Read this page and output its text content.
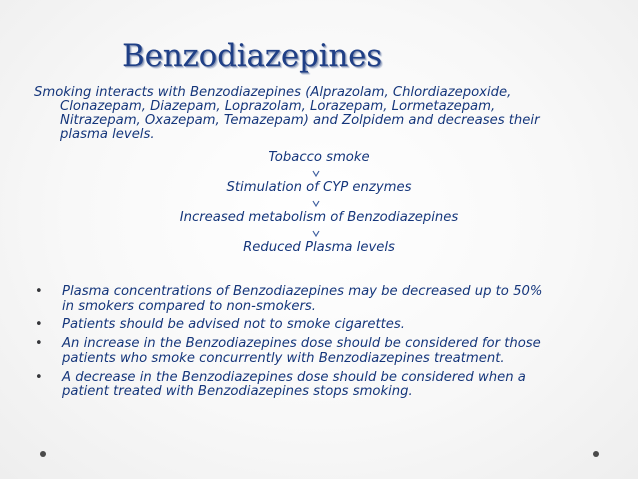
Benzodiazepines
Smoking interacts with Benzodiazepines (Alprazolam, Chlordiazepoxide,
Clonazepam, Diazepam, Loprazolam, Lorazepam, Lormetazepam,
Nitrazepam, Oxazepam, Temazepam) and Zolpidem and decreases their
plasma levels.
Tobacco smoke
Stimulation of CYP enzymes
Increased metabolism of Benzodiazepines
Reduced Plasma levels
• Plasma concentrations of Benzodiazepines may be decreased up to 50%
in smokers compared to non-smokers.
• Patients should be advised not to smoke cigarettes.
• An increase in the Benzodiazepines dose should be considered for those
patients who smoke concurrently with Benzodiazepines treatment.
• A decrease in the Benzodiazepines dose should be considered when a
patient treated with Benzodiazepines stops smoking.
